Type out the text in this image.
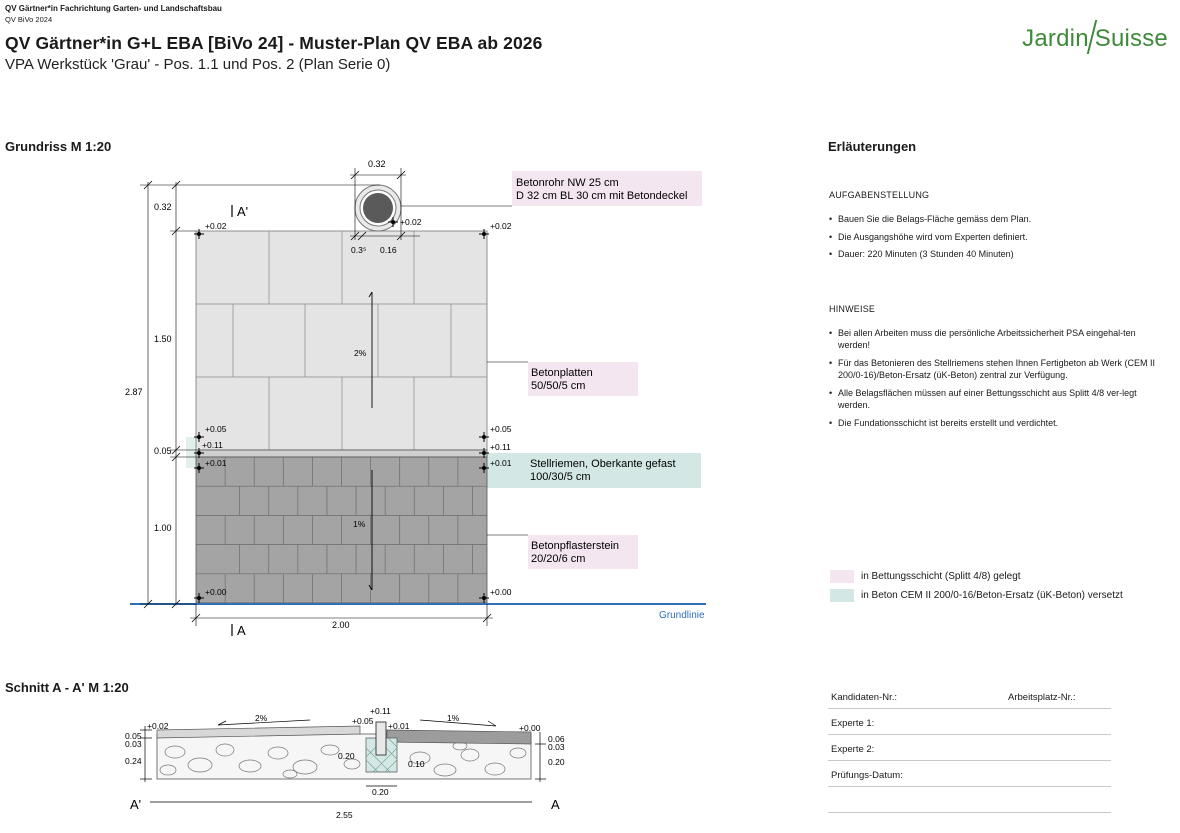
QV Gärtner*in Fachrichtung Garten- und Landschaftsbau
QV BiVo 2024
QV Gärtner*in G+L EBA [BiVo 24] - Muster-Plan QV EBA ab 2026
VPA Werkstück 'Grau' - Pos. 1.1 und Pos. 2 (Plan Serie 0)
Jardin Suisse
Grundriss M 1:20
0.32
0.32
1.50
2.87
0.05
1.00
2.00
0.3⁵ 0.16
A'
A
+0.02	+0.02
+0.02
+0.05
+0.11
+0.01
+0.05
+0.11
+0.01
+0.00	+0.00
2%
1%
Betonrohr NW 25 cm
D 32 cm BL 30 cm mit Betondeckel
Betonplatten
50/50/5 cm
Stellriemen, Oberkante gefast
100/30/5 cm
Betonpflasterstein
20/20/6 cm
Grundlinie
Schnitt A - A' M 1:20
+0.02	+0.05
+0.11
+0.01	+0.00
2%	1%
0.05
0.03
0.24
0.06
0.03
0.20
0.20
0.10
0.20
2.55
A'	A
Erläuterungen
AUFGABENSTELLUNG
• Bauen Sie die Belags-Fläche gemäss dem Plan.
• Die Ausgangshöhe wird vom Experten definiert.
• Dauer: 220 Minuten (3 Stunden 40 Minuten)
HINWEISE
• Bei allen Arbeiten muss die persönliche Arbeitssicherheit PSA eingehal-ten werden!
• Für das Betonieren des Stellriemens stehen Ihnen Fertigbeton ab Werk (CEM II 200/0-16)/Beton-Ersatz (üK-Beton) zentral zur Verfügung.
• Alle Belagsflächen müssen auf einer Bettungsschicht aus Splitt 4/8 ver-legt werden.
• Die Fundationsschicht ist bereits erstellt und verdichtet.
in Bettungsschicht (Splitt 4/8) gelegt
in Beton CEM II 200/0-16/Beton-Ersatz (üK-Beton) versetzt
Kandidaten-Nr.:	Arbeitsplatz-Nr.:
Experte 1:
Experte 2:
Prüfungs-Datum:
